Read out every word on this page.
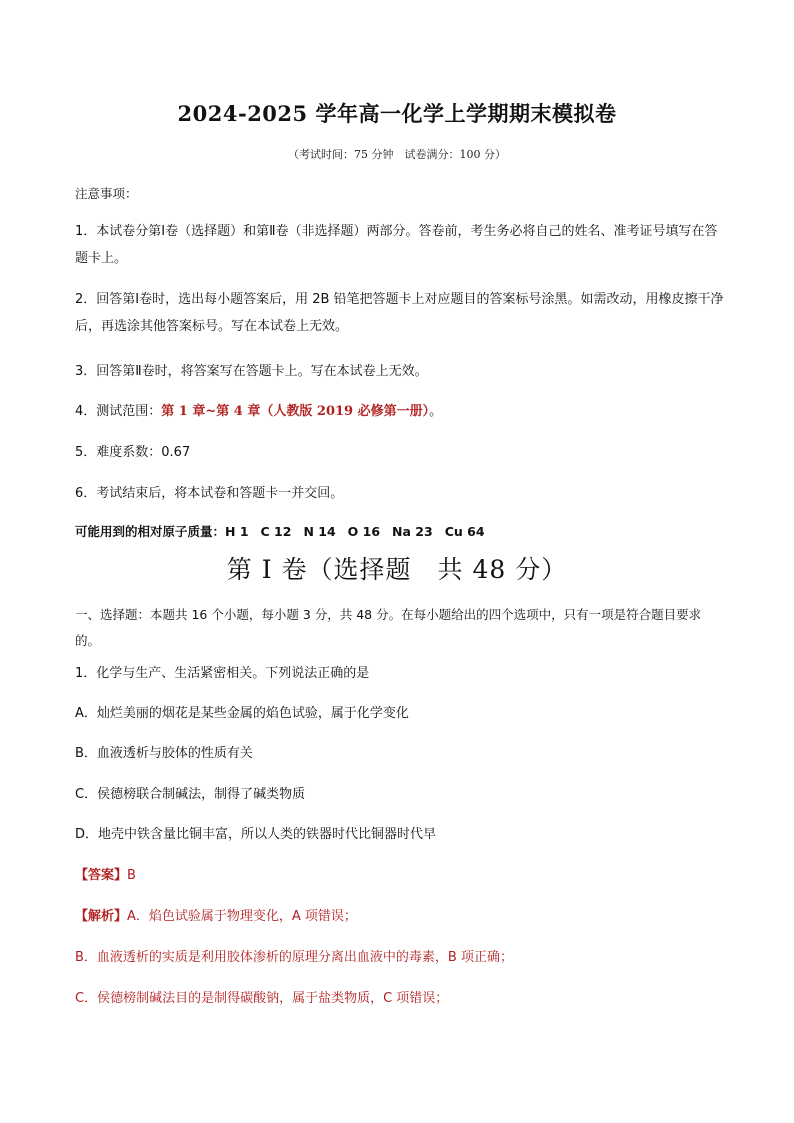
2024-2025 学年高一化学上学期期末模拟卷
（考试时间：75 分钟　试卷满分：100 分）
注意事项：
1．本试卷分第Ⅰ卷（选择题）和第Ⅱ卷（非选择题）两部分。答卷前，考生务必将自己的姓名、准考证号填写在答题卡上。
2．回答第Ⅰ卷时，选出每小题答案后，用 2B 铅笔把答题卡上对应题目的答案标号涂黑。如需改动，用橡皮擦干净后，再选涂其他答案标号。写在本试卷上无效。
3．回答第Ⅱ卷时，将答案写在答题卡上。写在本试卷上无效。
4．测试范围：第 1 章~第 4 章（人教版 2019 必修第一册）。
5．难度系数：0.67
6．考试结束后，将本试卷和答题卡一并交回。
可能用到的相对原子质量：H 1 C 12 N 14 O 16 Na 23 Cu 64
第 I 卷（选择题　共 48 分）
一、选择题：本题共 16 个小题，每小题 3 分，共 48 分。在每小题给出的四个选项中，只有一项是符合题目要求的。
1．化学与生产、生活紧密相关。下列说法正确的是
A．灿烂美丽的烟花是某些金属的焰色试验，属于化学变化
B．血液透析与胶体的性质有关
C．侯德榜联合制碱法，制得了碱类物质
D．地壳中铁含量比铜丰富，所以人类的铁器时代比铜器时代早
【答案】B
【解析】A．焰色试验属于物理变化，A 项错误；
B．血液透析的实质是利用胶体渗析的原理分离出血液中的毒素，B 项正确；
C．侯德榜制碱法目的是制得碳酸钠，属于盐类物质，C 项错误；
